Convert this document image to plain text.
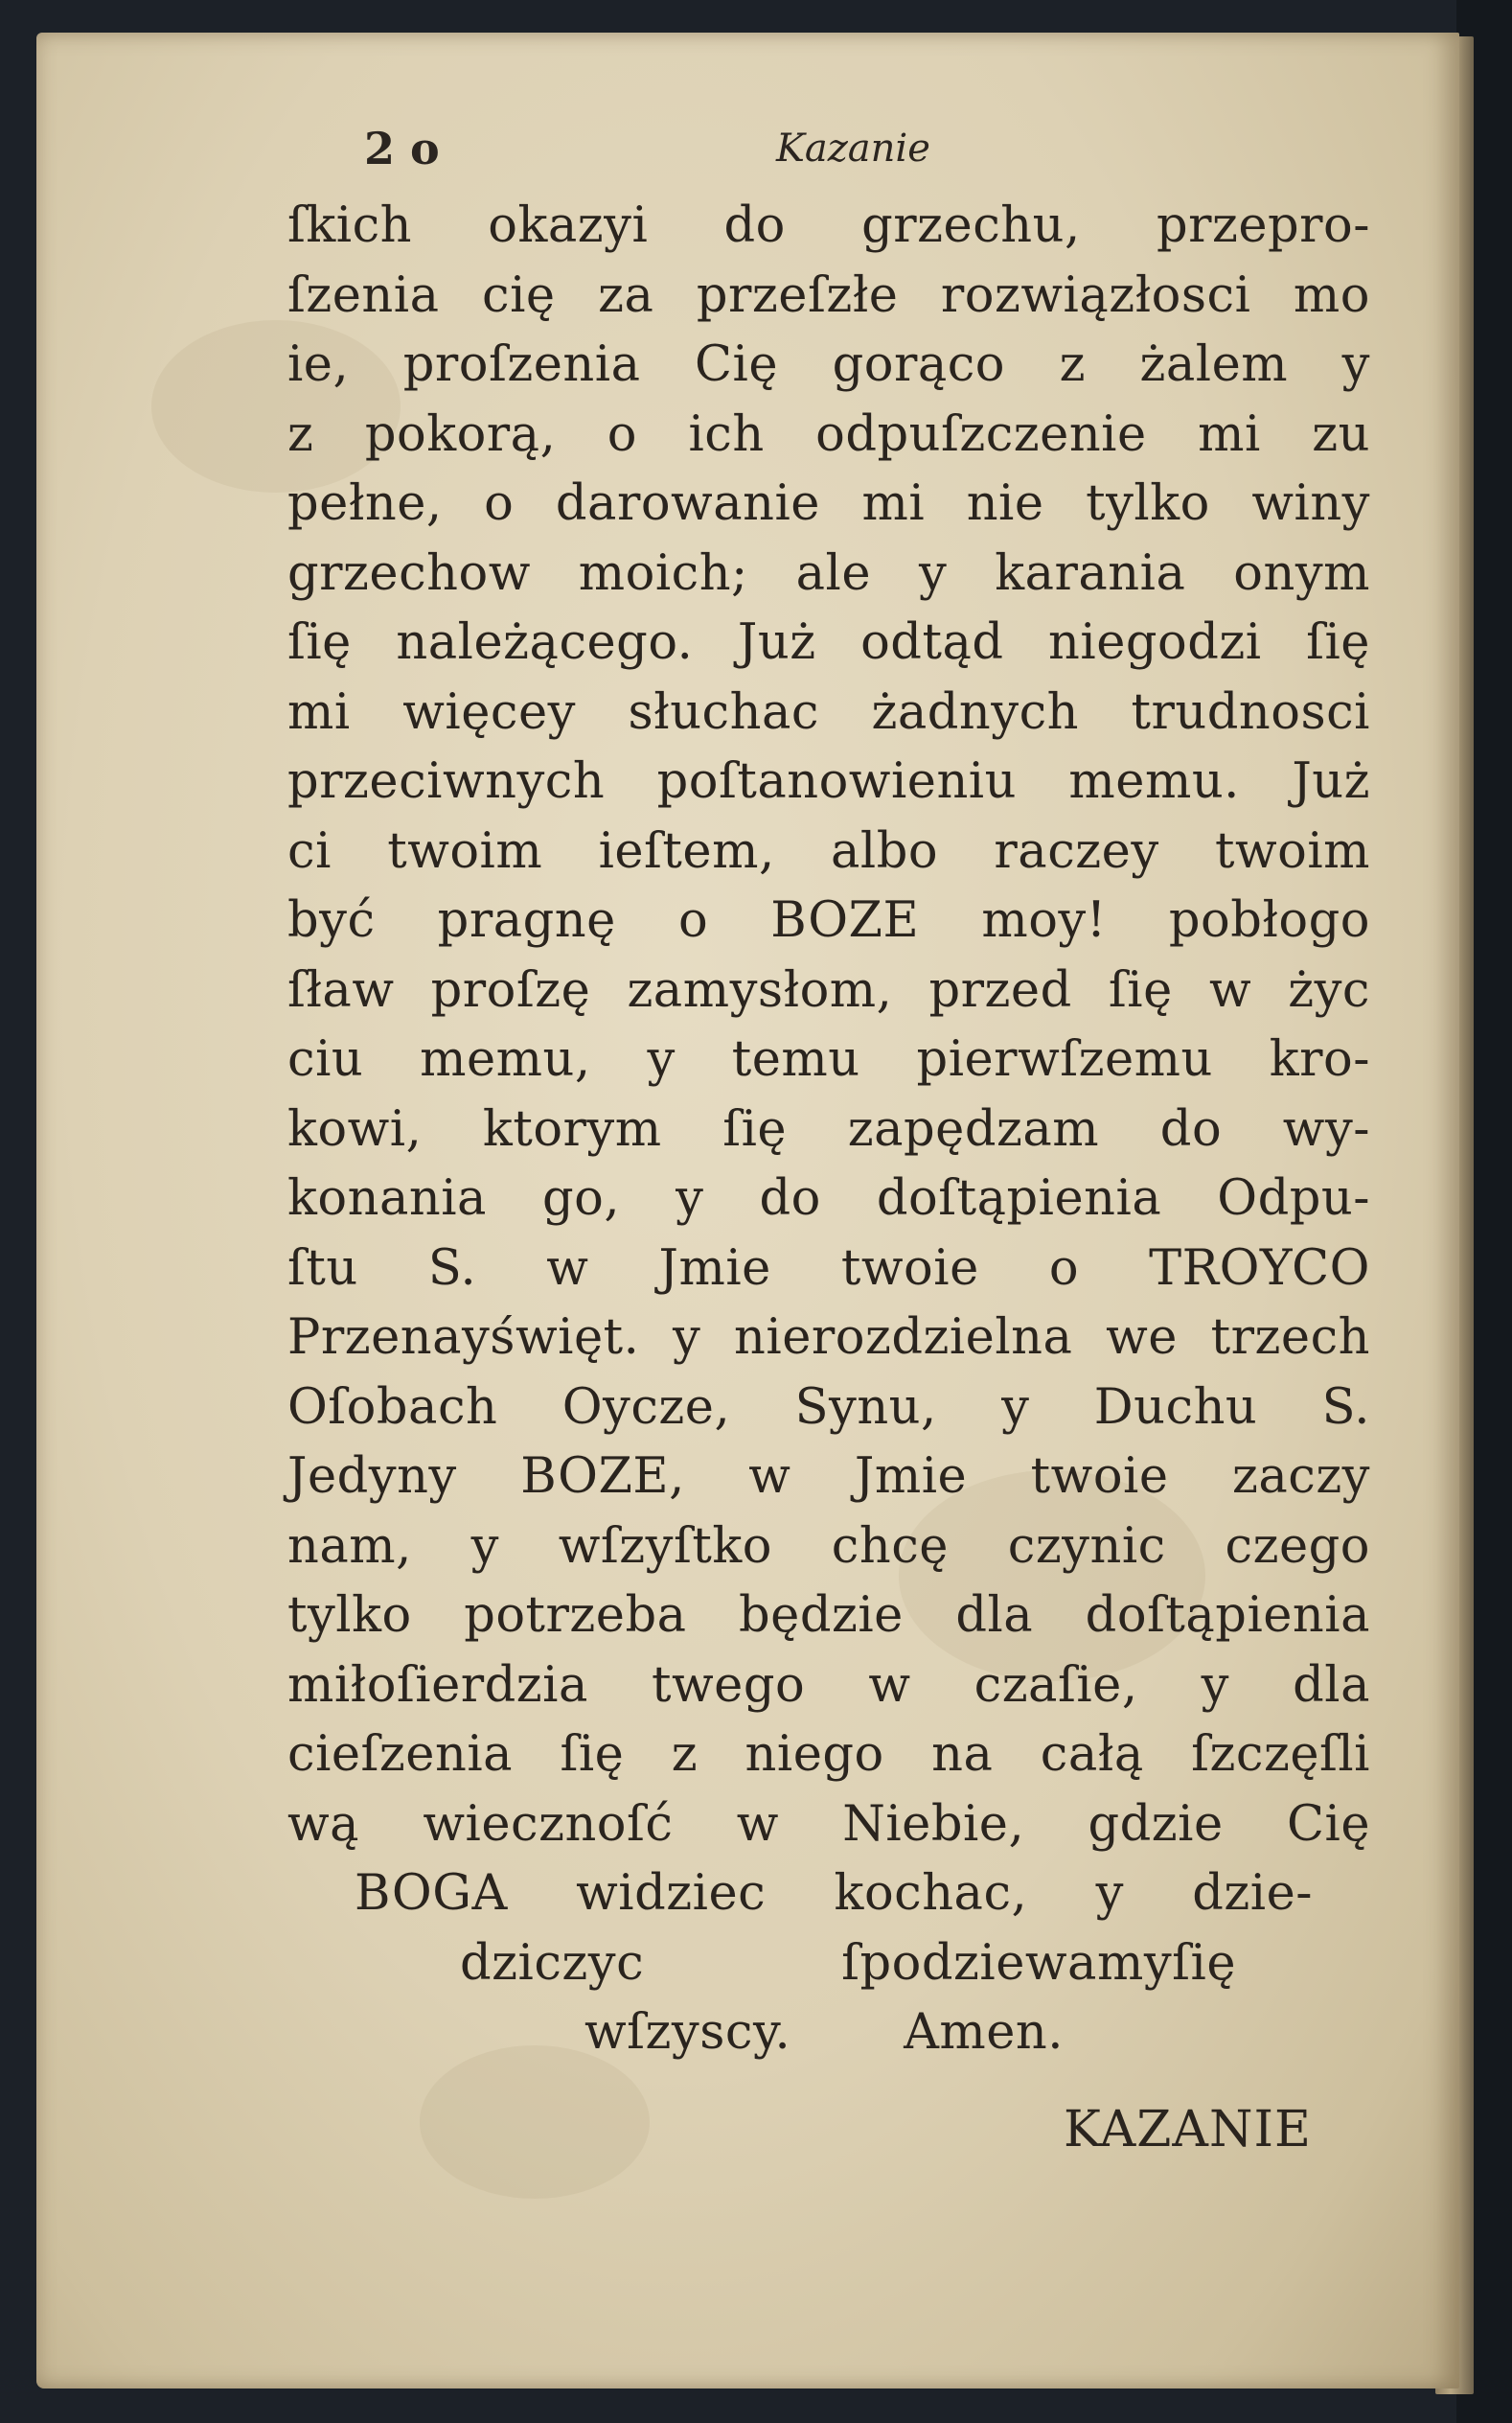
2 o	Kazanie
ſkich okazyi do grzechu, przepro-
ſzenia cię za przeſzłe rozwiązłosci mo
ie, proſzenia Cię gorąco z żalem y
z pokorą, o ich odpuſzczenie mi zu
pełne, o darowanie mi nie tylko winy
grzechow moich; ale y karania onym
ſię należącego. Już odtąd niegodzi ſię
mi więcey słuchac żadnych trudnosci
przeciwnych poſtanowieniu memu. Już
ci twoim ieſtem, albo raczey twoim
być pragnę o BOZE moy! pobłogo
ſław proſzę zamysłom, przed ſię w życ
ciu memu, y temu pierwſzemu kro-
kowi, ktorym ſię zapędzam do wy-
konania go, y do doſtąpienia Odpu-
ſtu S. w Jmie twoie o TROYCO
Przenayświęt. y nierozdzielna we trzech
Oſobach Oycze, Synu, y Duchu S.
Jedyny BOZE, w Jmie twoie zaczy
nam, y wſzyſtko chcę czynic czego
tylko potrzeba będzie dla doſtąpienia
miłoſierdzia twego w czaſie, y dla
cieſzenia ſię z niego na całą ſzczęſli
wą wiecznoſć w Niebie, gdzie Cię
BOGA widziec kochac, y dzie-
dziczyc ſpodziewamyſię
wſzyscy. Amen.
KAZANIE
